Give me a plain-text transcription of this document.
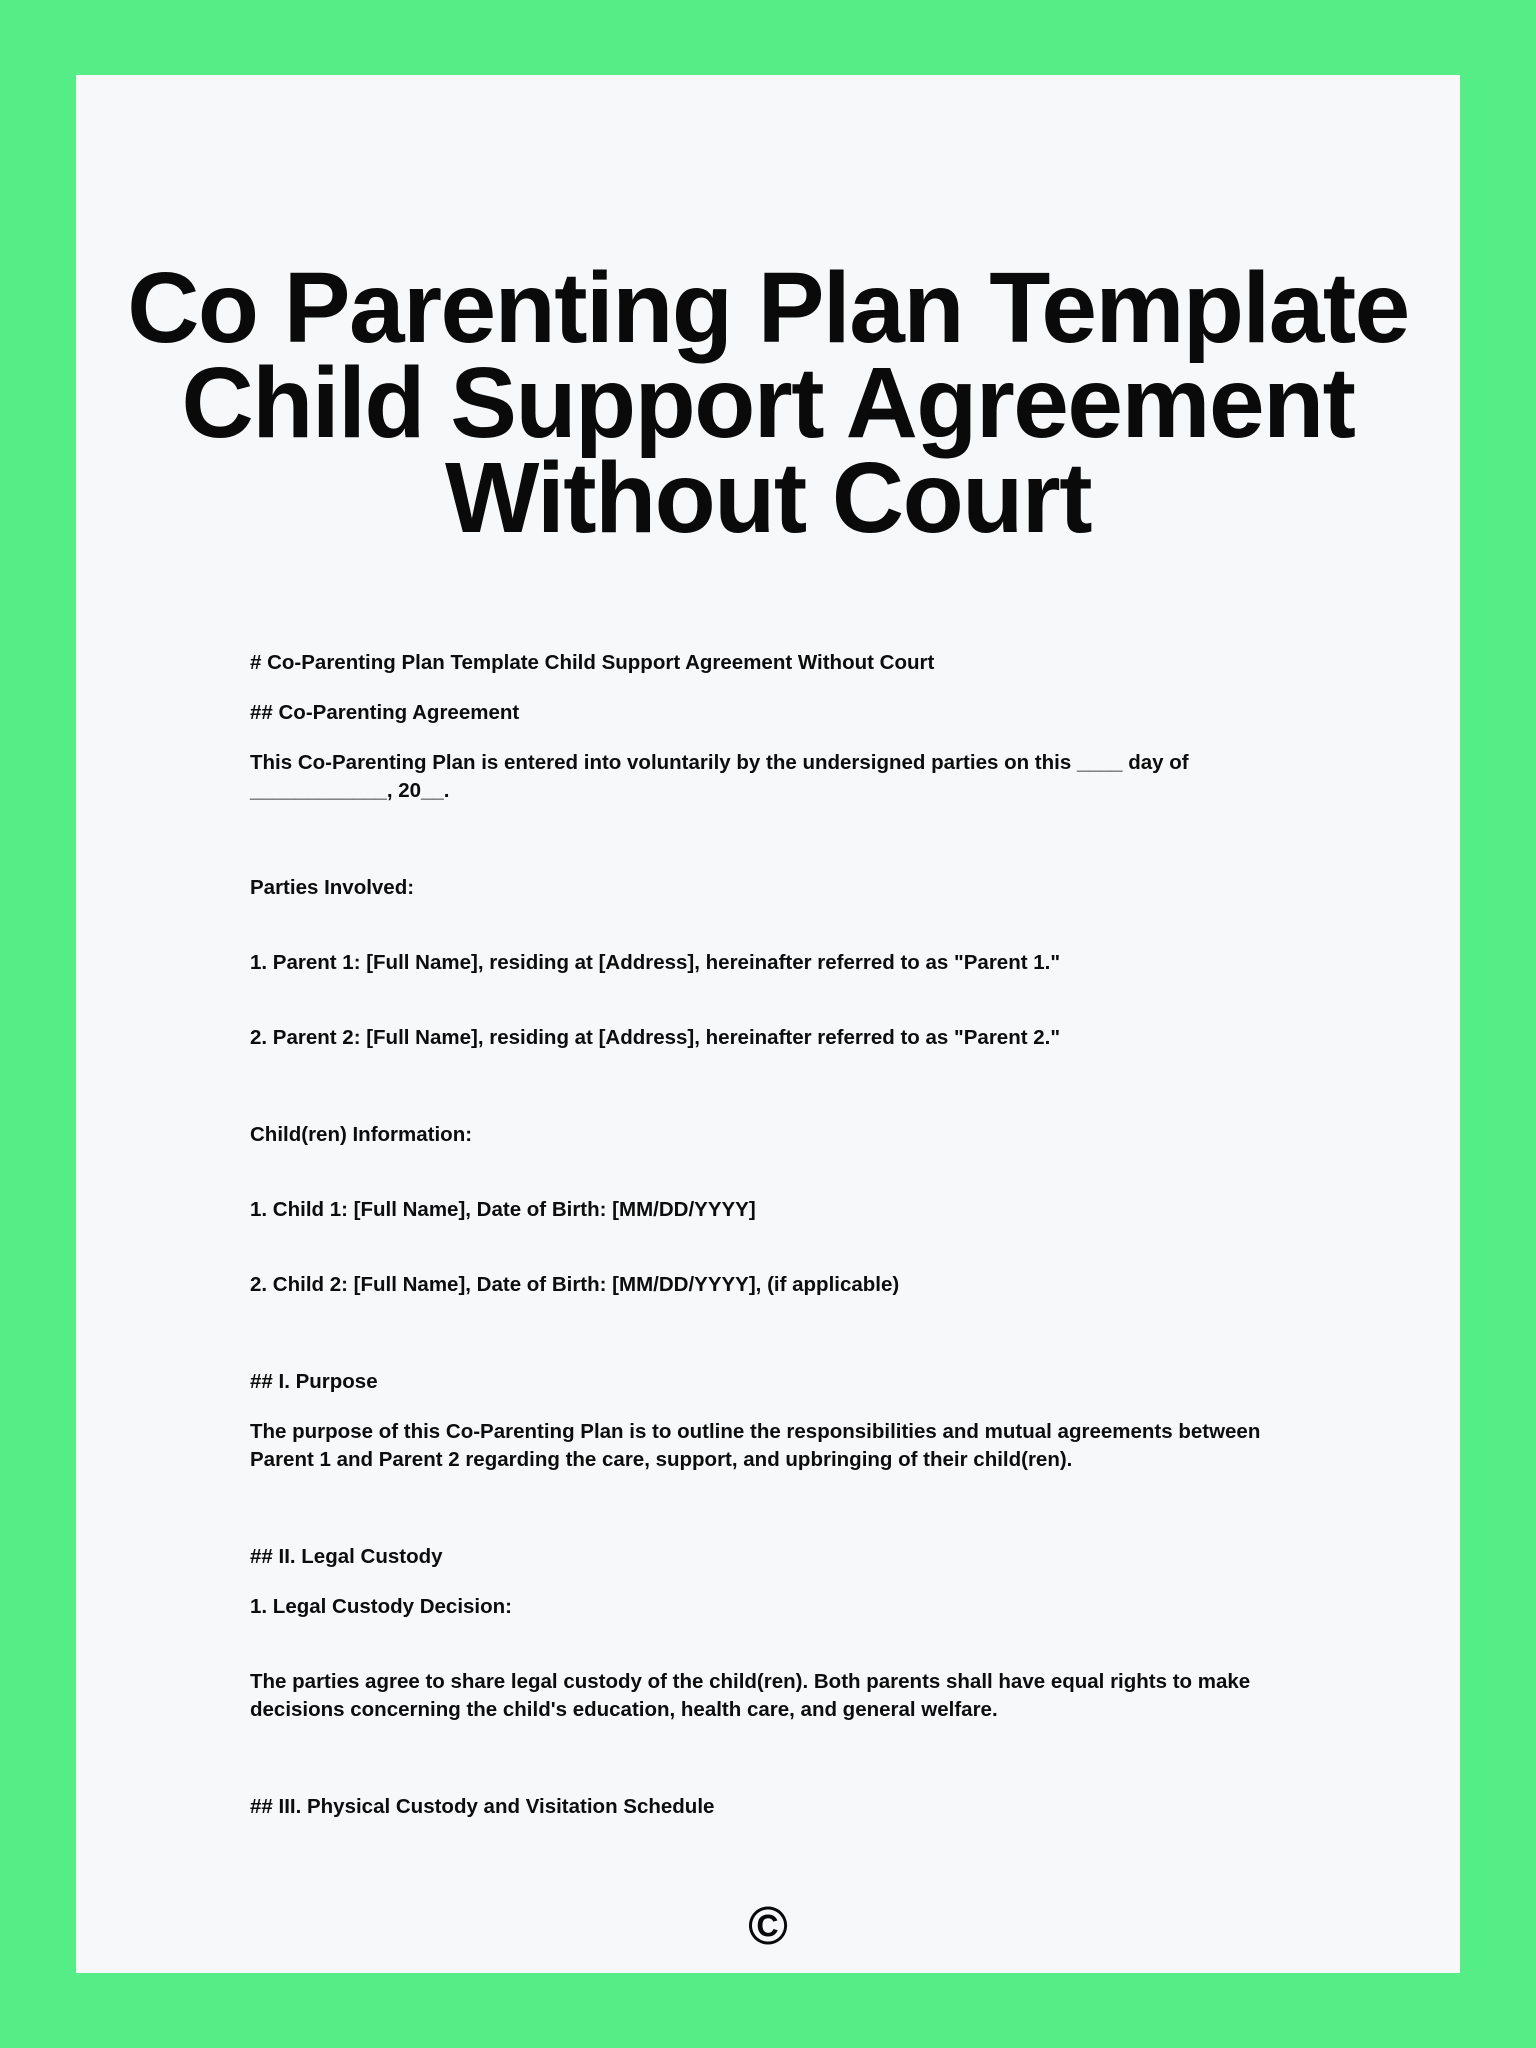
Co Parenting Plan Template
Child Support Agreement
Without Court

# Co-Parenting Plan Template Child Support Agreement Without Court

## Co-Parenting Agreement

This Co-Parenting Plan is entered into voluntarily by the undersigned parties on this ____ day of ____________, 20__.

Parties Involved:

1. Parent 1: [Full Name], residing at [Address], hereinafter referred to as "Parent 1."

2. Parent 2: [Full Name], residing at [Address], hereinafter referred to as "Parent 2."

Child(ren) Information:

1. Child 1: [Full Name], Date of Birth: [MM/DD/YYYY]

2. Child 2: [Full Name], Date of Birth: [MM/DD/YYYY], (if applicable)

## I. Purpose

The purpose of this Co-Parenting Plan is to outline the responsibilities and mutual agreements between Parent 1 and Parent 2 regarding the care, support, and upbringing of their child(ren).

## II. Legal Custody

1. Legal Custody Decision:

The parties agree to share legal custody of the child(ren). Both parents shall have equal rights to make decisions concerning the child's education, health care, and general welfare.

## III. Physical Custody and Visitation Schedule

©
